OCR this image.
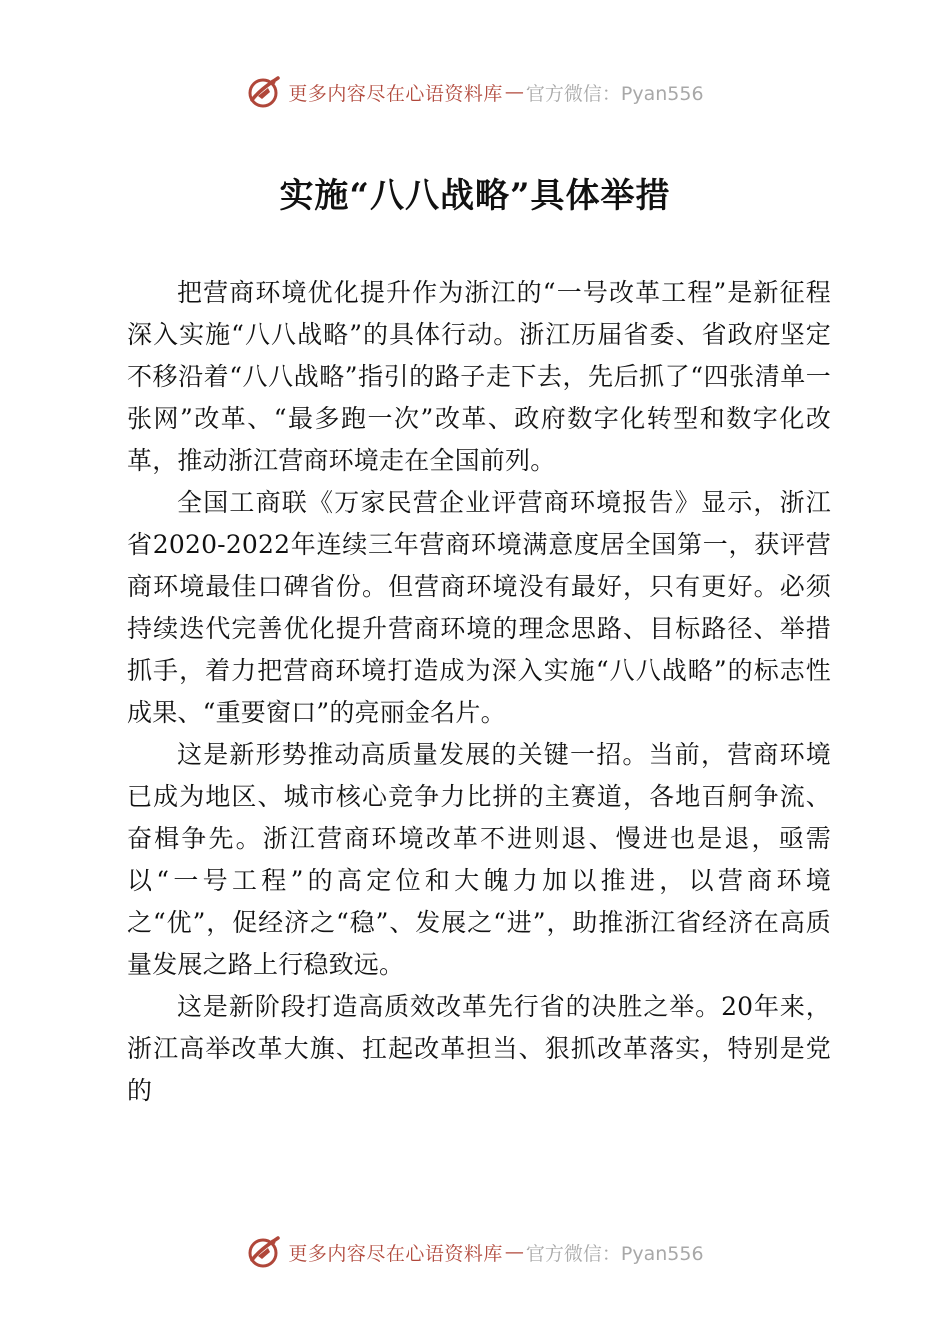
更多内容尽在心语资料库 — 官方微信：Pyan556
实施“八八战略”具体举措

把营商环境优化提升作为浙江的“一号改革工程”是新征程深入实施“八八战略”的具体行动。浙江历届省委、省政府坚定不移沿着“八八战略”指引的路子走下去，先后抓了“四张清单一张网”改革、“最多跑一次”改革、政府数字化转型和数字化改革，推动浙江营商环境走在全国前列。

全国工商联《万家民营企业评营商环境报告》显示，浙江省2020-2022年连续三年营商环境满意度居全国第一，获评营商环境最佳口碑省份。但营商环境没有最好，只有更好。必须持续迭代完善优化提升营商环境的理念思路、目标路径、举措抓手，着力把营商环境打造成为深入实施“八八战略”的标志性成果、“重要窗口”的亮丽金名片。

这是新形势推动高质量发展的关键一招。当前，营商环境已成为地区、城市核心竞争力比拼的主赛道，各地百舸争流、奋楫争先。浙江营商环境改革不进则退、慢进也是退，亟需以“一号工程”的高定位和大魄力加以推进，以营商环境之“优”，促经济之“稳”、发展之“进”，助推浙江省经济在高质量发展之路上行稳致远。

这是新阶段打造高质效改革先行省的决胜之举。20年来，浙江高举改革大旗、扛起改革担当、狠抓改革落实，特别是党的

更多内容尽在心语资料库 — 官方微信：Pyan556
